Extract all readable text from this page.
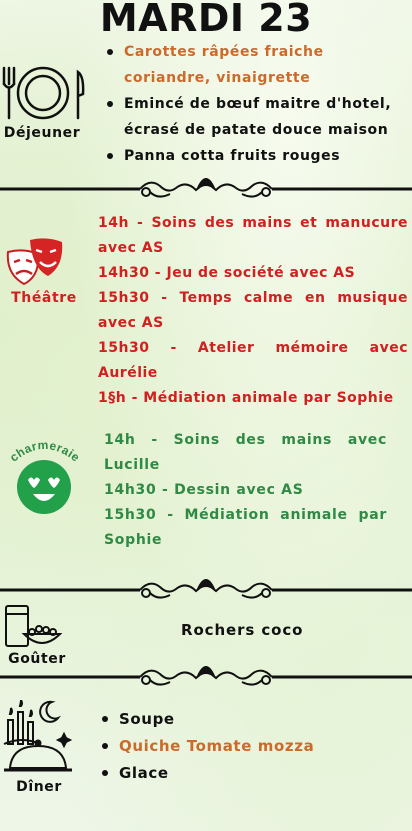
MARDI 23
Déjeuner
Carottes râpées fraiche coriandre, vinaigrette
Emincé de bœuf maitre d'hotel, écrasé de patate douce maison
Panna cotta fruits rouges
Théâtre

14h - Soins des mains et manucure avec AS

14h30 - Jeu de société avec AS

15h30 - Temps calme en musique avec AS

15h30 - Atelier mémoire avec Aurélie

1§h - Médiation animale par Sophie

charmeraie

14h - Soins des mains avec Lucille

14h30 - Dessin avec AS

15h30 - Médiation animale par Sophie

Goûter
Rochers coco
Dîner
Soupe
Quiche Tomate mozza
Glace
